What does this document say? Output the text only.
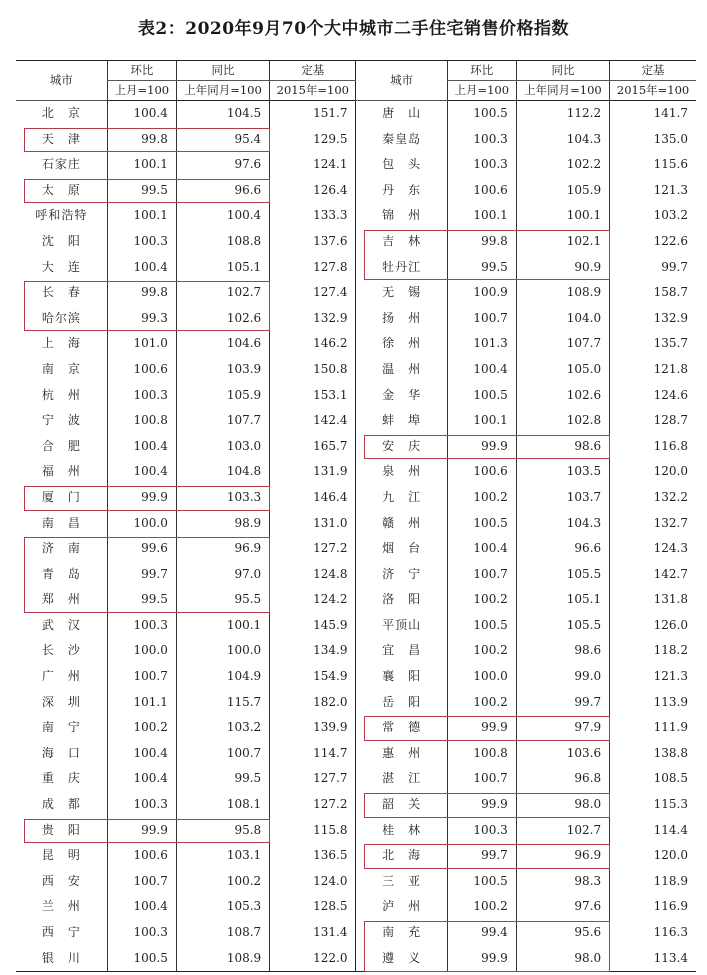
表2：2020年9月70个大中城市二手住宅销售价格指数
城市	环比	同比	定基	城市	环比	同比	定基
	上月=100	上年同月=100	2015年=100		上月=100	上年同月=100	2015年=100
北　京	100.4	104.5	151.7	唐　山	100.5	112.2	141.7
天　津	99.8	95.4	129.5	秦皇岛	100.3	104.3	135.0
石家庄	100.1	97.6	124.1	包　头	100.3	102.2	115.6
太　原	99.5	96.6	126.4	丹　东	100.6	105.9	121.3
呼和浩特	100.1	100.4	133.3	锦　州	100.1	100.1	103.2
沈　阳	100.3	108.8	137.6	吉　林	99.8	102.1	122.6
大　连	100.4	105.1	127.8	牡丹江	99.5	90.9	99.7
长　春	99.8	102.7	127.4	无　锡	100.9	108.9	158.7
哈尔滨	99.3	102.6	132.9	扬　州	100.7	104.0	132.9
上　海	101.0	104.6	146.2	徐　州	101.3	107.7	135.7
南　京	100.6	103.9	150.8	温　州	100.4	105.0	121.8
杭　州	100.3	105.9	153.1	金　华	100.5	102.6	124.6
宁　波	100.8	107.7	142.4	蚌　埠	100.1	102.8	128.7
合　肥	100.4	103.0	165.7	安　庆	99.9	98.6	116.8
福　州	100.4	104.8	131.9	泉　州	100.6	103.5	120.0
厦　门	99.9	103.3	146.4	九　江	100.2	103.7	132.2
南　昌	100.0	98.9	131.0	赣　州	100.5	104.3	132.7
济　南	99.6	96.9	127.2	烟　台	100.4	96.6	124.3
青　岛	99.7	97.0	124.8	济　宁	100.7	105.5	142.7
郑　州	99.5	95.5	124.2	洛　阳	100.2	105.1	131.8
武　汉	100.3	100.1	145.9	平顶山	100.5	105.5	126.0
长　沙	100.0	100.0	134.9	宜　昌	100.2	98.6	118.2
广　州	100.7	104.9	154.9	襄　阳	100.0	99.0	121.3
深　圳	101.1	115.7	182.0	岳　阳	100.2	99.7	113.9
南　宁	100.2	103.2	139.9	常　德	99.9	97.9	111.9
海　口	100.4	100.7	114.7	惠　州	100.8	103.6	138.8
重　庆	100.4	99.5	127.7	湛　江	100.7	96.8	108.5
成　都	100.3	108.1	127.2	韶　关	99.9	98.0	115.3
贵　阳	99.9	95.8	115.8	桂　林	100.3	102.7	114.4
昆　明	100.6	103.1	136.5	北　海	99.7	96.9	120.0
西　安	100.7	100.2	124.0	三　亚	100.5	98.3	118.9
兰　州	100.4	105.3	128.5	泸　州	100.2	97.6	116.9
西　宁	100.3	108.7	131.4	南　充	99.4	95.6	116.3
银　川	100.5	108.9	122.0	遵　义	99.9	98.0	113.4
